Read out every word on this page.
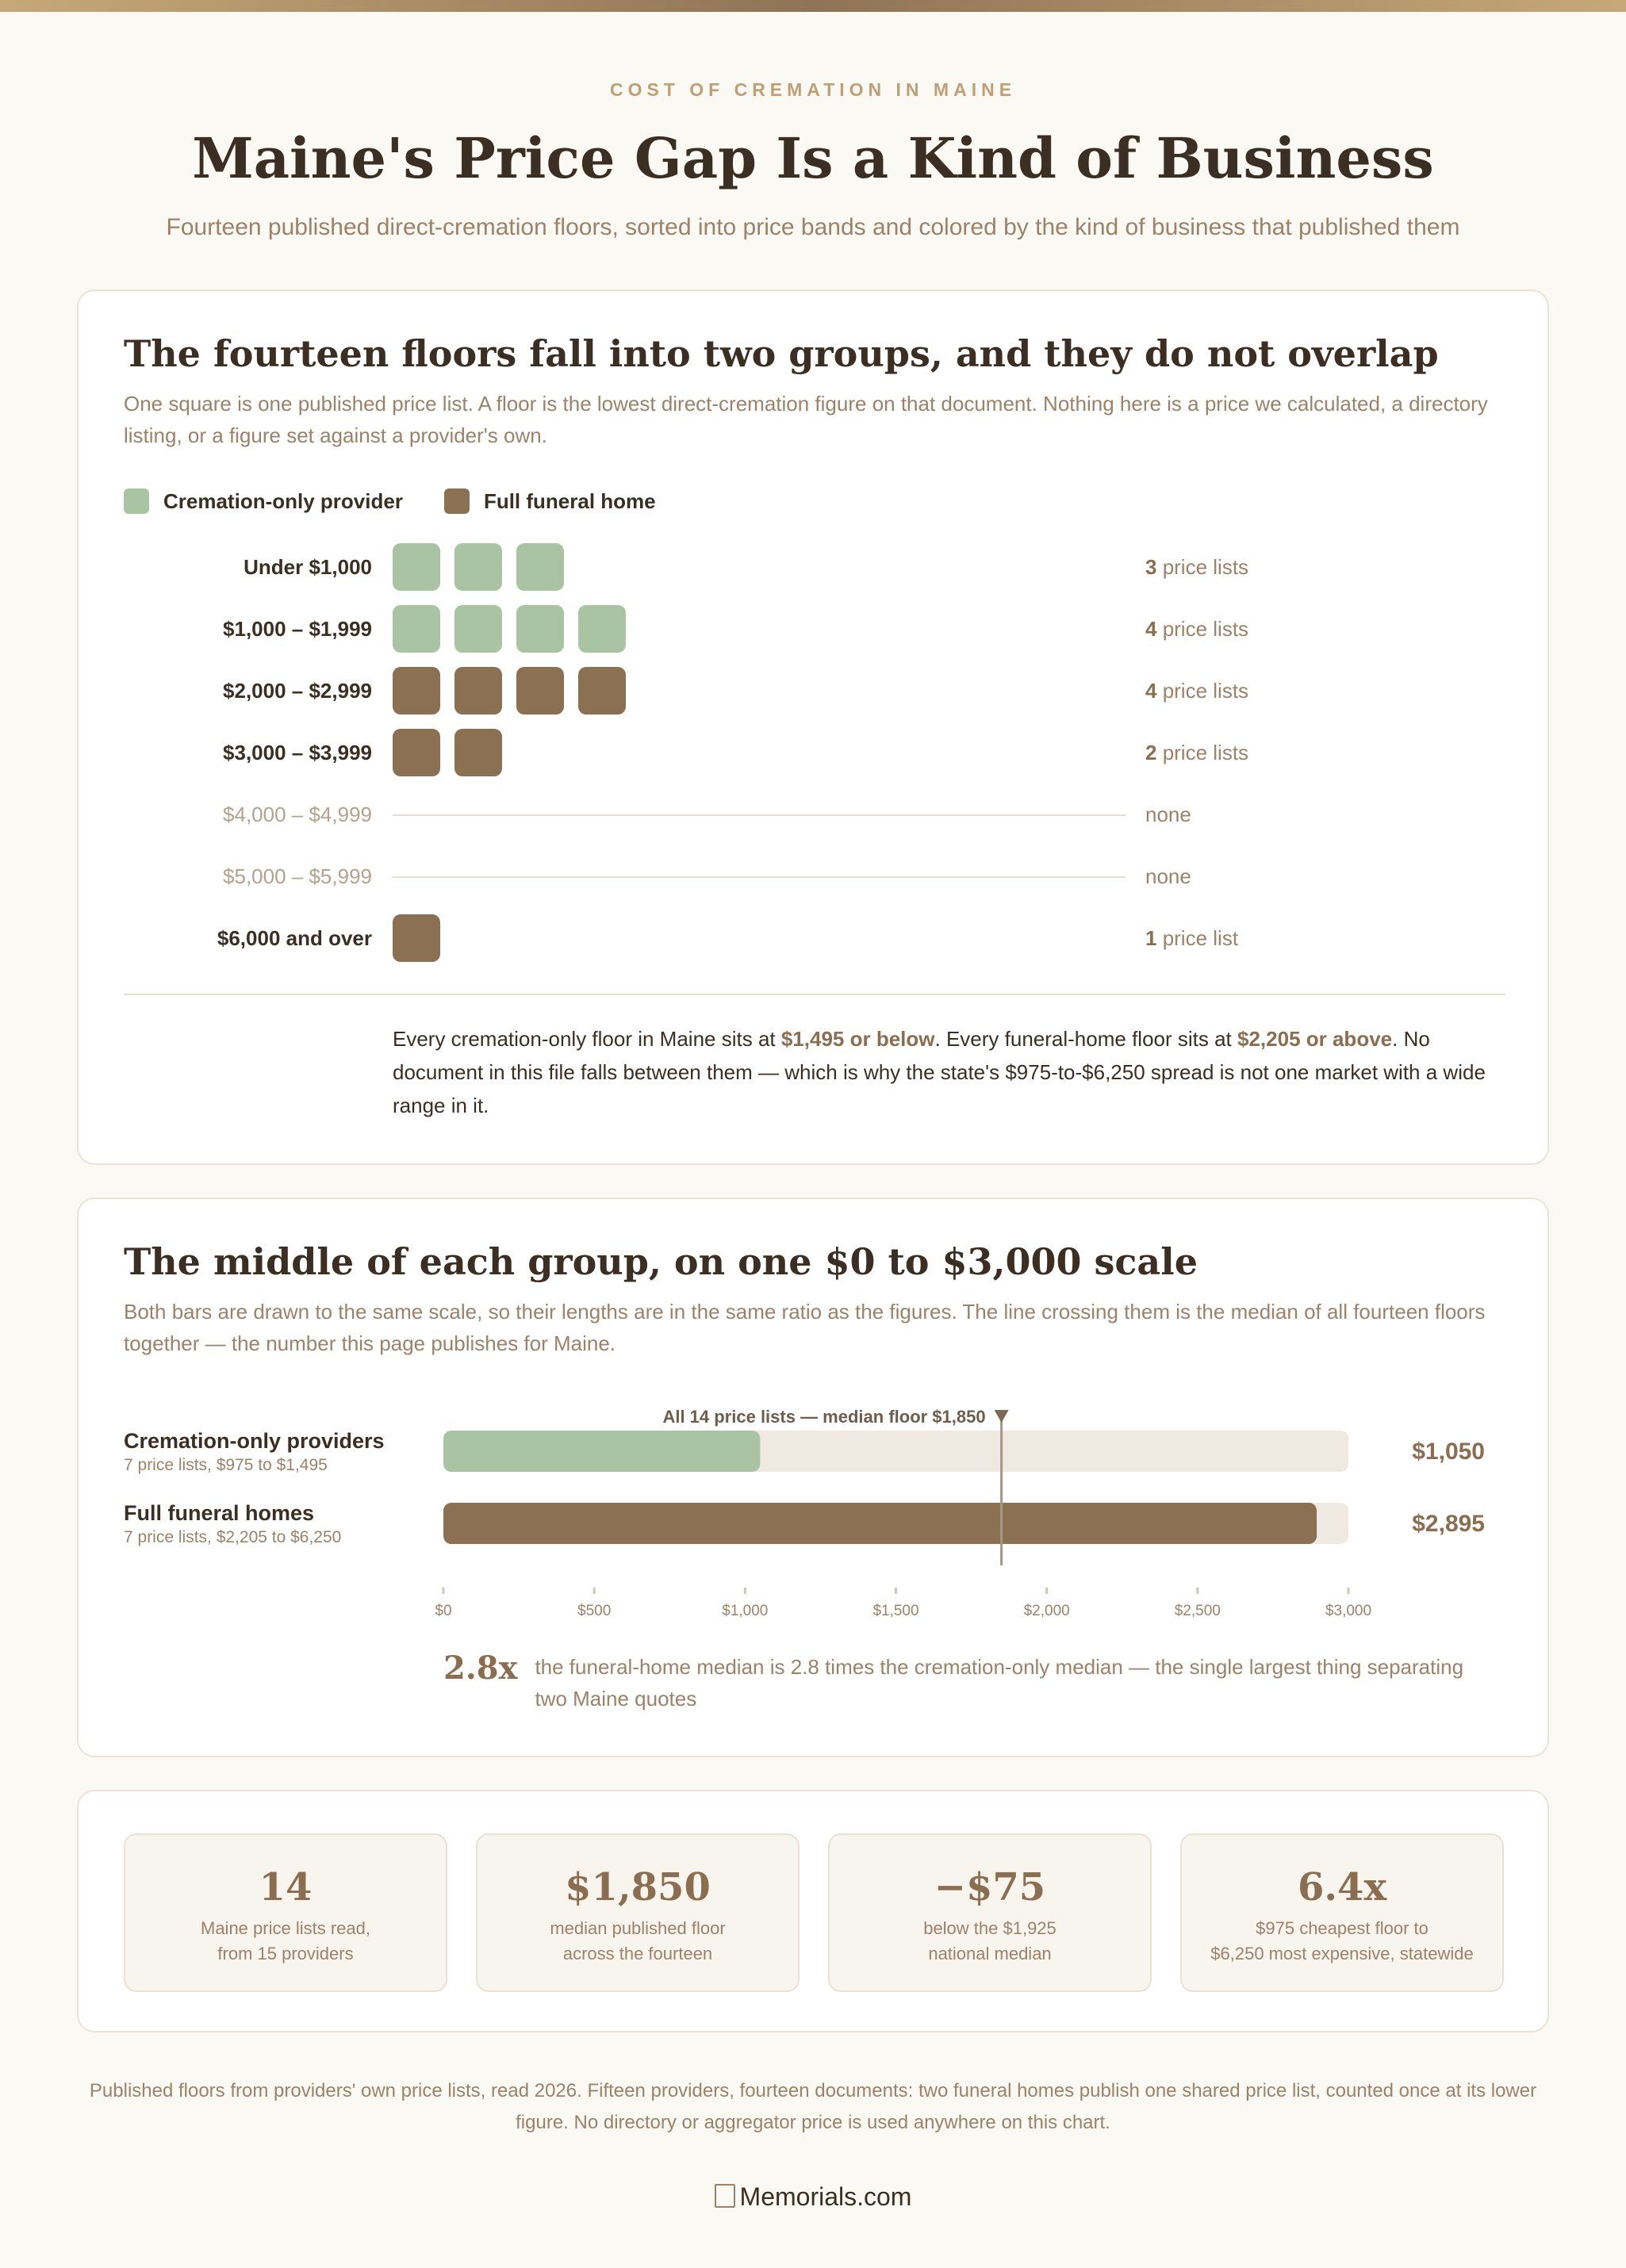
COST OF CREMATION IN MAINE
Maine's Price Gap Is a Kind of Business
Fourteen published direct-cremation floors, sorted into price bands and colored by the kind of business that published them
The fourteen floors fall into two groups, and they do not overlap

One square is one published price list. A floor is the lowest direct-cremation figure on that document. Nothing here is a price we calculated, a directory listing, or a figure set against a provider's own.

Cremation-only provider	Full funeral home
Under $1,000	3 price lists
$1,000 – $1,999	4 price lists
$2,000 – $2,999	4 price lists
$3,000 – $3,999	2 price lists
$4,000 – $4,999	none
$5,000 – $5,999	none
$6,000 and over	1 price list

Every cremation-only floor in Maine sits at $1,495 or below. Every funeral-home floor sits at $2,205 or above. No document in this file falls between them — which is why the state's $975-to-$6,250 spread is not one market with a wide range in it.

The middle of each group, on one $0 to $3,000 scale

Both bars are drawn to the same scale, so their lengths are in the same ratio as the figures. The line crossing them is the median of all fourteen floors together — the number this page publishes for Maine.

Cremation-only providers
7 price lists, $975 to $1,495
$1,050
Full funeral homes
7 price lists, $2,205 to $6,250
$2,895
All 14 price lists — median floor $1,850
$0	$500	$1,000	$1,500	$2,000	$2,500	$3,000
2.8x the funeral-home median is 2.8 times the cremation-only median — the single largest thing separating two Maine quotes
14
Maine price lists read,
from 15 providers
$1,850
median published floor
across the fourteen
−$75
below the $1,925
national median
6.4x
$975 cheapest floor to
$6,250 most expensive, statewide

Published floors from providers' own price lists, read 2026. Fifteen providers, fourteen documents: two funeral homes publish one shared price list, counted once at its lower figure. No directory or aggregator price is used anywhere on this chart.

Memorials.com
